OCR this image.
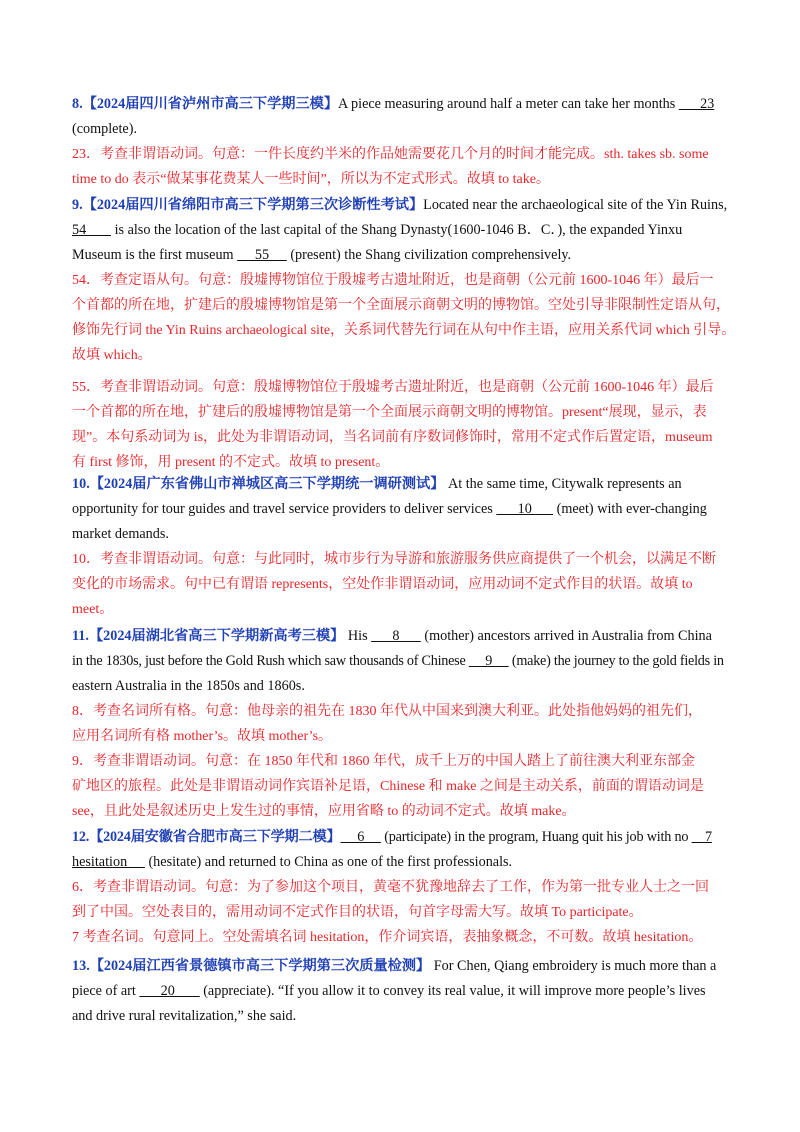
8.【2024届四川省泸州市高三下学期三模】A piece measuring around half a meter can take her months       23
(complete).
23．考查非谓语动词。句意：一件长度约半米的作品她需要花几个月的时间才能完成。sth. takes sb. some
time to do 表示“做某事花费某人一些时间”，所以为不定式形式。故填 to take。
9.【2024届四川省绵阳市高三下学期第三次诊断性考试】Located near the archaeological site of the Yin Ruins,
54        is also the location of the last capital of the Shang Dynasty(1600-1046 B．C．), the expanded Yinxu
Museum is the first museum      55      (present) the Shang civilization comprehensively.
54．考查定语从句。句意：殷墟博物馆位于殷墟考古遗址附近，也是商朝（公元前 1600-1046 年）最后一
个首都的所在地，扩建后的殷墟博物馆是第一个全面展示商朝文明的博物馆。空处引导非限制性定语从句，
修饰先行词 the Yin Ruins archaeological site，关系词代替先行词在从句中作主语，应用关系代词 which 引导。
故填 which。
55．考查非谓语动词。句意：殷墟博物馆位于殷墟考古遗址附近，也是商朝（公元前 1600-1046 年）最后
一个首都的所在地，扩建后的殷墟博物馆是第一个全面展示商朝文明的博物馆。present“展现，显示，表
现”。本句系动词为 is，此处为非谓语动词，当名词前有序数词修饰时，常用不定式作后置定语，museum
有 first 修饰，用 present 的不定式。故填 to present。
10.【2024届广东省佛山市禅城区高三下学期统一调研测试】 At the same time, Citywalk represents an
opportunity for tour guides and travel service providers to deliver services       10       (meet) with ever-changing
market demands.
10．考查非谓语动词。句意：与此同时，城市步行为导游和旅游服务供应商提供了一个机会，以满足不断
变化的市场需求。句中已有谓语 represents，空处作非谓语动词，应用动词不定式作目的状语。故填 to
meet。
11.【2024届湖北省高三下学期新高考三模】 His       8       (mother) ancestors arrived in Australia from China
in the 1830s, just before the Gold Rush which saw thousands of Chinese      9      (make) the journey to the gold fields in
eastern Australia in the 1850s and 1860s.
8．考查名词所有格。句意：他母亲的祖先在 1830 年代从中国来到澳大利亚。此处指他妈妈的祖先们，
应用名词所有格 mother’s。故填 mother’s。
9．考查非谓语动词。句意：在 1850 年代和 1860 年代，成千上万的中国人踏上了前往澳大利亚东部金
矿地区的旅程。此处是非谓语动词作宾语补足语，Chinese 和 make 之间是主动关系，前面的谓语动词是
see，且此处是叙述历史上发生过的事情，应用省略 to 的动词不定式。故填 make。
12.【2024届安徽省合肥市高三下学期二模】     6      (participate) in the program, Huang quit his job with no     7
hesitation      (hesitate) and returned to China as one of the first professionals.
6．考查非谓语动词。句意：为了参加这个项目，黄毫不犹豫地辞去了工作，作为第一批专业人士之一回
到了中国。空处表目的，需用动词不定式作目的状语，句首字母需大写。故填 To participate。
7 考查名词。句意同上。空处需填名词 hesitation，作介词宾语，表抽象概念，不可数。故填 hesitation。
13.【2024届江西省景德镇市高三下学期第三次质量检测】 For Chen, Qiang embroidery is much more than a
piece of art       20        (appreciate). “If you allow it to convey its real value, it will improve more people’s lives
and drive rural revitalization,” she said.
